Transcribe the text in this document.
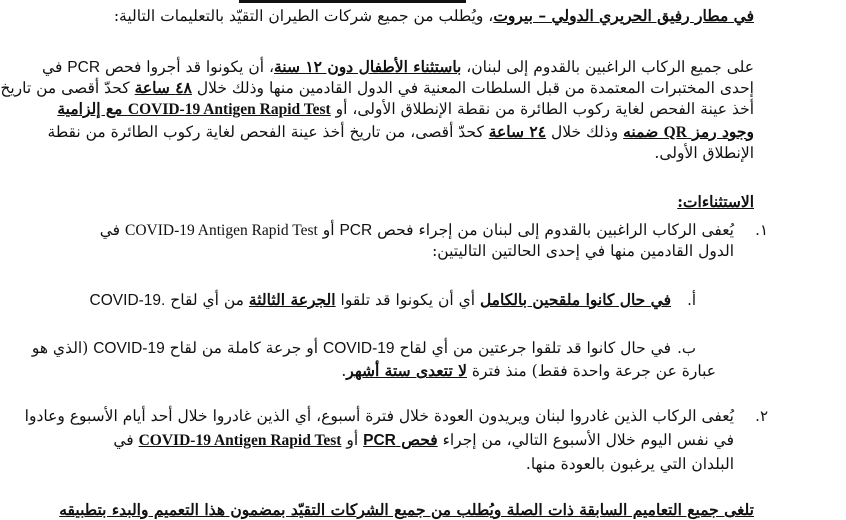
في مطار رفيق الحريري الدولي – بيروت، ويُطلب من جميع شركات الطيران التقيّد بالتعليمات التالية:
على جميع الركاب الراغبين بالقدوم إلى لبنان، باستثناء الأطفال دون ١٢ سنة، أن يكونوا قد أجروا فحص PCR في
إحدى المختبرات المعتمدة من قبل السلطات المعنية في الدول القادمين منها وذلك خلال ٤٨ ساعة كحدّ أقصى من تاريخ
أخذ عينة الفحص لغاية ركوب الطائرة من نقطة الإنطلاق الأولى، أو COVID-19 Antigen Rapid Test مع إلزامية
وجود رمز QR ضمنه وذلك خلال ٢٤ ساعة كحدّ أقصى، من تاريخ أخذ عينة الفحص لغاية ركوب الطائرة من نقطة
الإنطلاق الأولى.
الاستثناءات:
١.
يُعفى الركاب الراغبين بالقدوم إلى لبنان من إجراء فحص PCR أو COVID-19 Antigen Rapid Test في
الدول القادمين منها في إحدى الحالتين التاليتين:
أ.
في حال كانوا ملقحين بالكامل أي أن يكونوا قد تلقوا الجرعة الثالثة من أي لقاح COVID-19.
ب.
في حال كانوا قد تلقوا جرعتين من أي لقاح COVID-19 أو جرعة كاملة من لقاح COVID-19 (الذي هو
عبارة عن جرعة واحدة فقط) منذ فترة لا تتعدى ستة أشهر.
٢.
يُعفى الركاب الذين غادروا لبنان ويريدون العودة خلال فترة أسبوع، أي الذين غادروا خلال أحد أيام الأسبوع وعادوا
في نفس اليوم خلال الأسبوع التالي، من إجراء فحص PCR أو COVID-19 Antigen Rapid Test في
البلدان التي يرغبون بالعودة منها.
تلغى جميع التعاميم السابقة ذات الصلة ويُطلب من جميع الشركات التقيّد بمضمون هذا التعميم والبدء بتطبيقه
